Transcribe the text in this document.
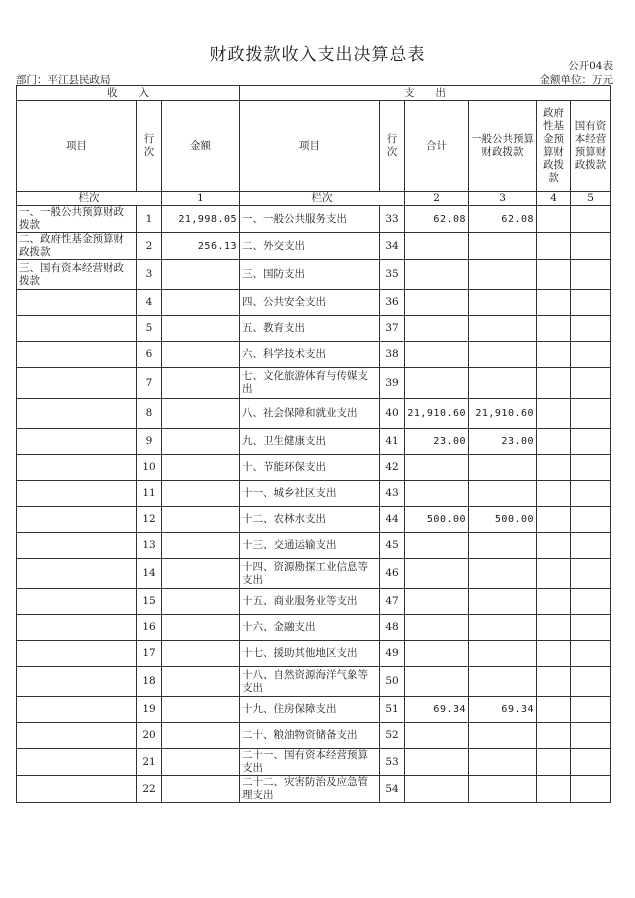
财政拨款收入支出决算总表
公开04表
部门：平江县民政局	金额单位：万元
收　　入			支　　出					
项目	行次	金额	项目	行次	合计	一般公共预算财政拨款	政府性基金预算财政拨款	国有资本经营预算财政拨款
栏次		1	栏次		2	3	4	5
一、一般公共预算财政拨款	1	21,998.05	一、一般公共服务支出	33	62.08	62.08		
二、政府性基金预算财政拨款	2	256.13	二、外交支出	34				
三、国有资本经营财政拨款	3		三、国防支出	35				
	4		四、公共安全支出	36				
	5		五、教育支出	37				
	6		六、科学技术支出	38				
	7		七、文化旅游体育与传媒支出	39				
	8		八、社会保障和就业支出	40	21,910.60	21,910.60		
	9		九、卫生健康支出	41	23.00	23.00		
	10		十、节能环保支出	42				
	11		十一、城乡社区支出	43				
	12		十二、农林水支出	44	500.00	500.00		
	13		十三、交通运输支出	45				
	14		十四、资源勘探工业信息等支出	46				
	15		十五、商业服务业等支出	47				
	16		十六、金融支出	48				
	17		十七、援助其他地区支出	49				
	18		十八、自然资源海洋气象等支出	50				
	19		十九、住房保障支出	51	69.34	69.34		
	20		二十、粮油物资储备支出	52				
	21		二十一、国有资本经营预算支出	53				
	22		二十二、灾害防治及应急管理支出	54				
